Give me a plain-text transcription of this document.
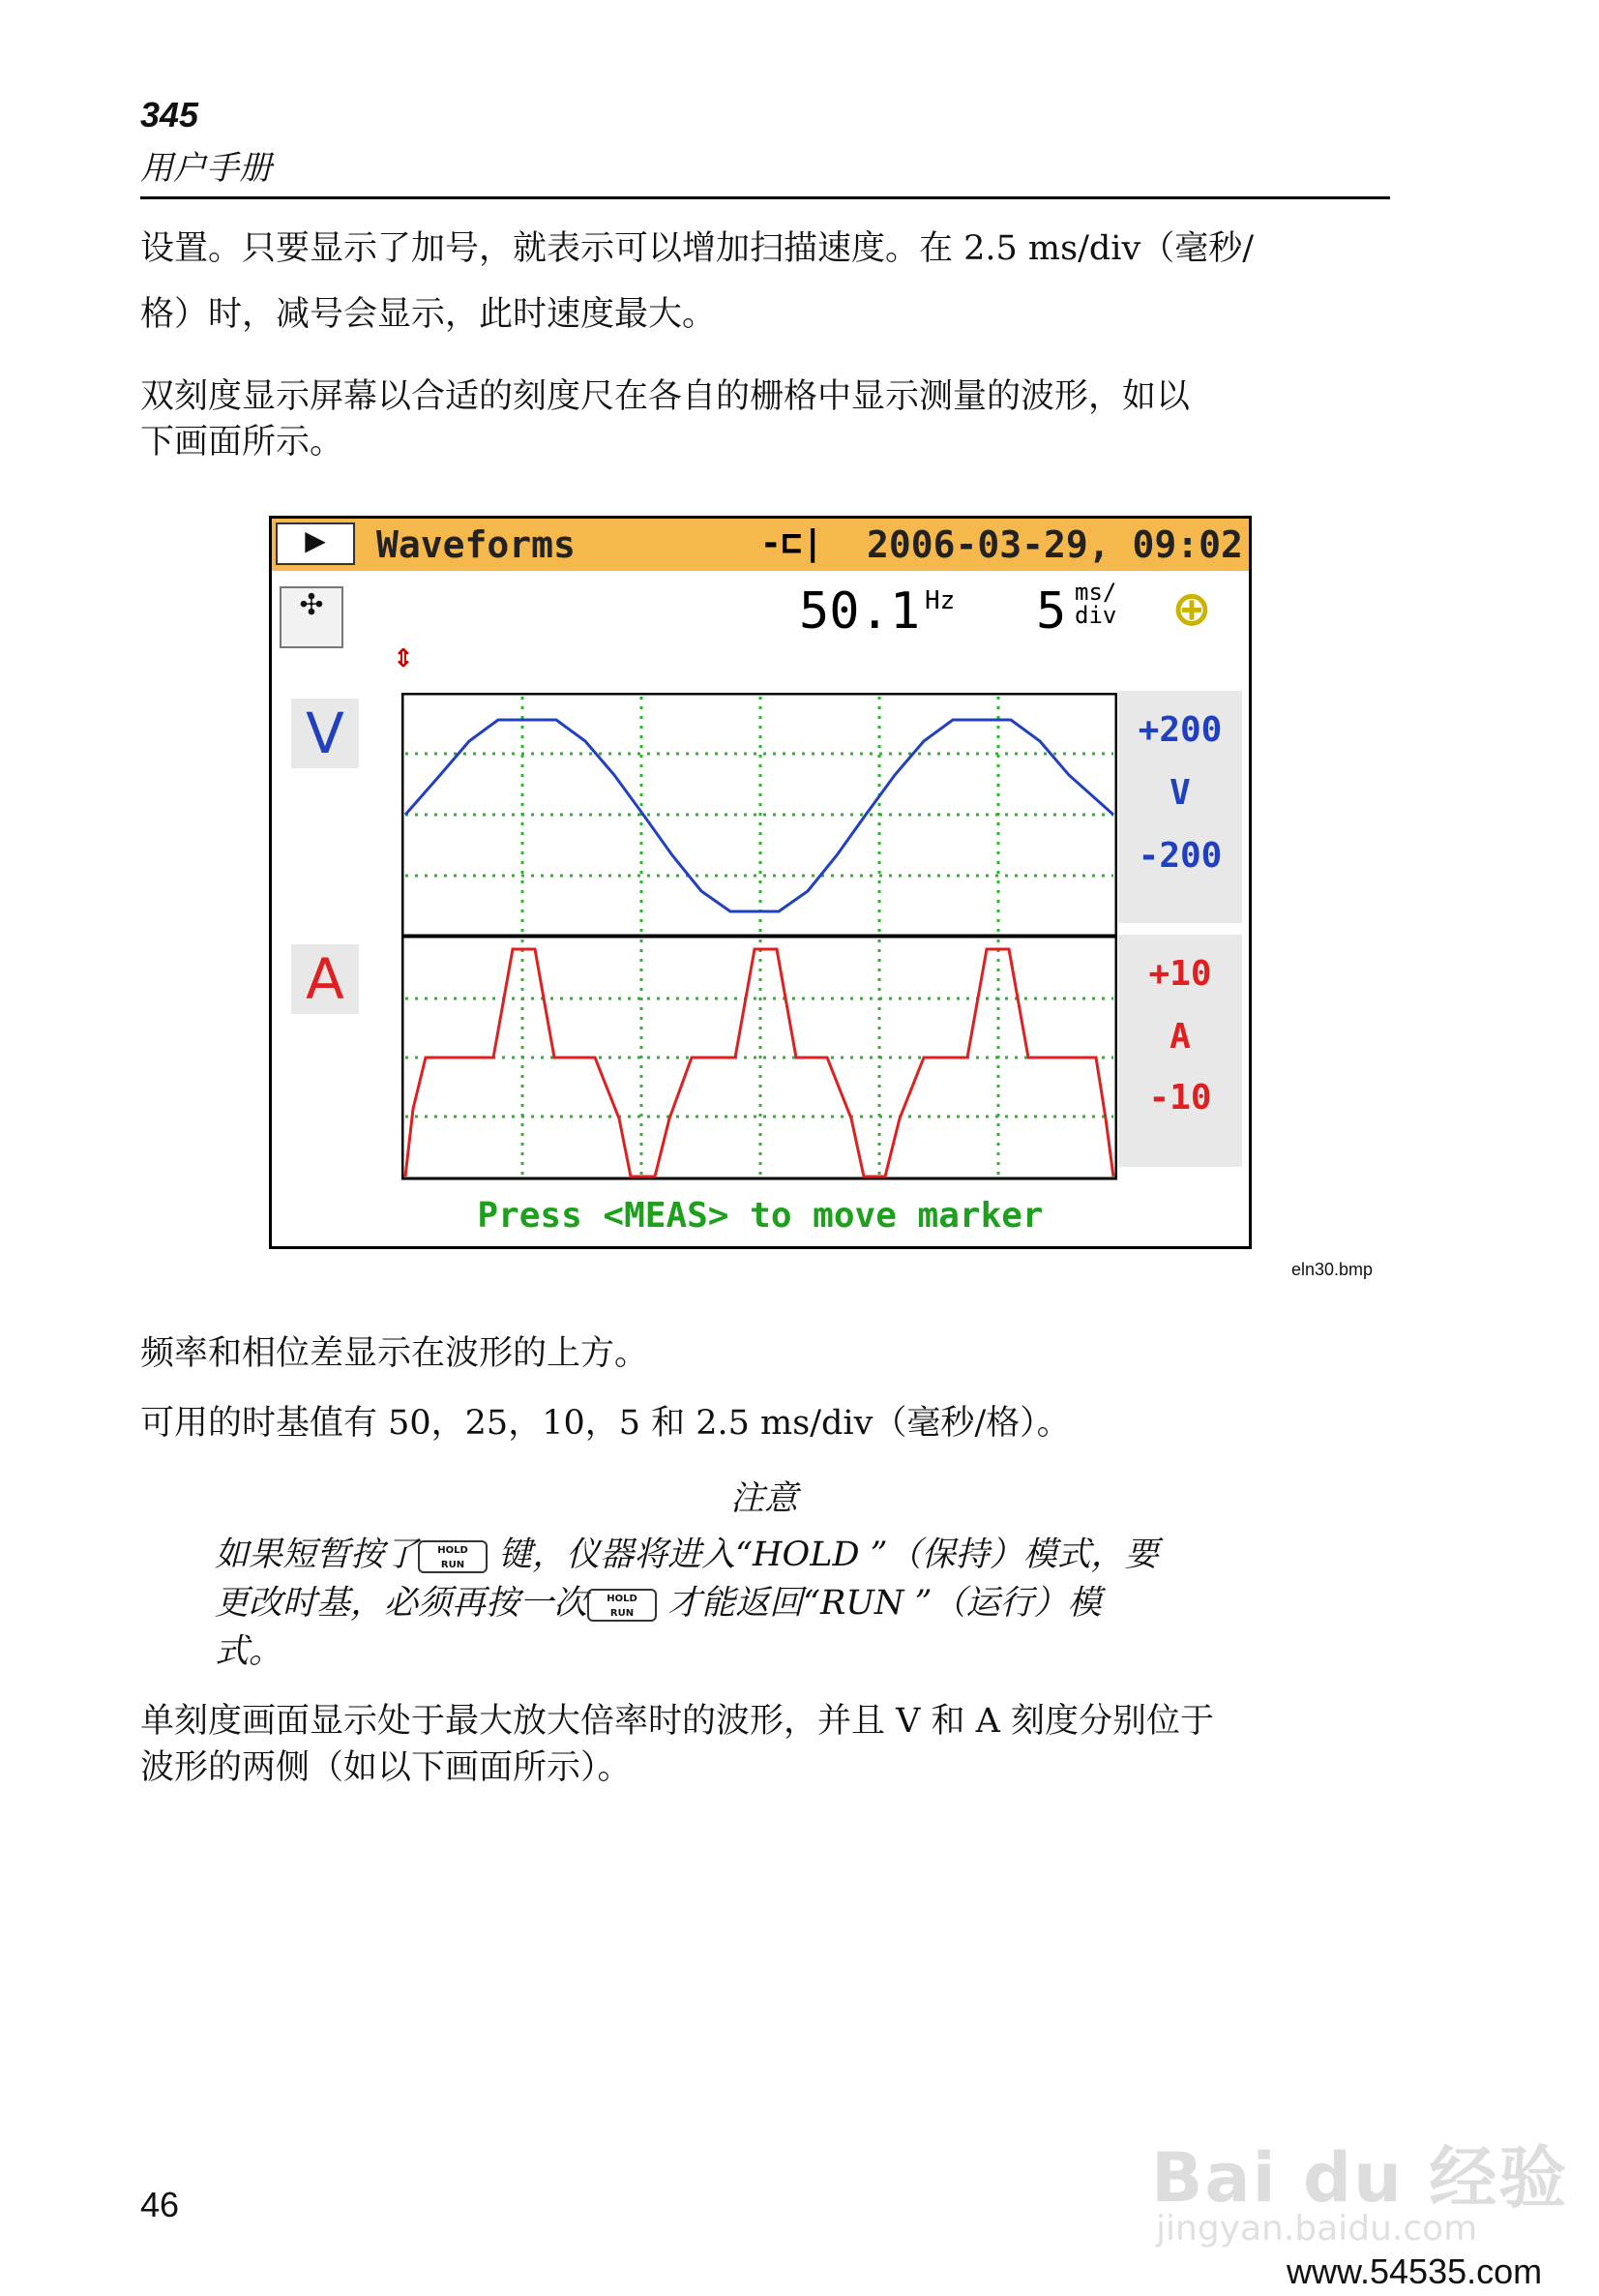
345
用户手册

设置。只要显示了加号，就表示可以增加扫描速度。在 2.5 ms/div（毫秒/

格）时，减号会显示，此时速度最大。

双刻度显示屏幕以合适的刻度尺在各自的栅格中显示测量的波形，如以

下画面所示。

▶	Waveforms	-⊏| 2006-03-29, 09:02
✣	50.1 Hz 5 ms/
div ⊕
⇕
V
A
+200
V
-200
+10
A
-10
Press <MEAS> to move marker
eln30.bmp

频率和相位差显示在波形的上方。

可用的时基值有 50，25，10，5 和 2.5 ms/div（毫秒/格）。

注意
如果短暂按了 HOLD
RUN 键，仪器将进入“HOLD ”（保持）模式，要
更改时基，必须再按一次 HOLD
RUN 才能返回“RUN ”（运行）模
式。

单刻度画面显示处于最大放大倍率时的波形，并且 V 和 A 刻度分别位于

波形的两侧（如以下画面所示）。

46	Bai du 经验
jingyan.baidu.com
www.54535.com
